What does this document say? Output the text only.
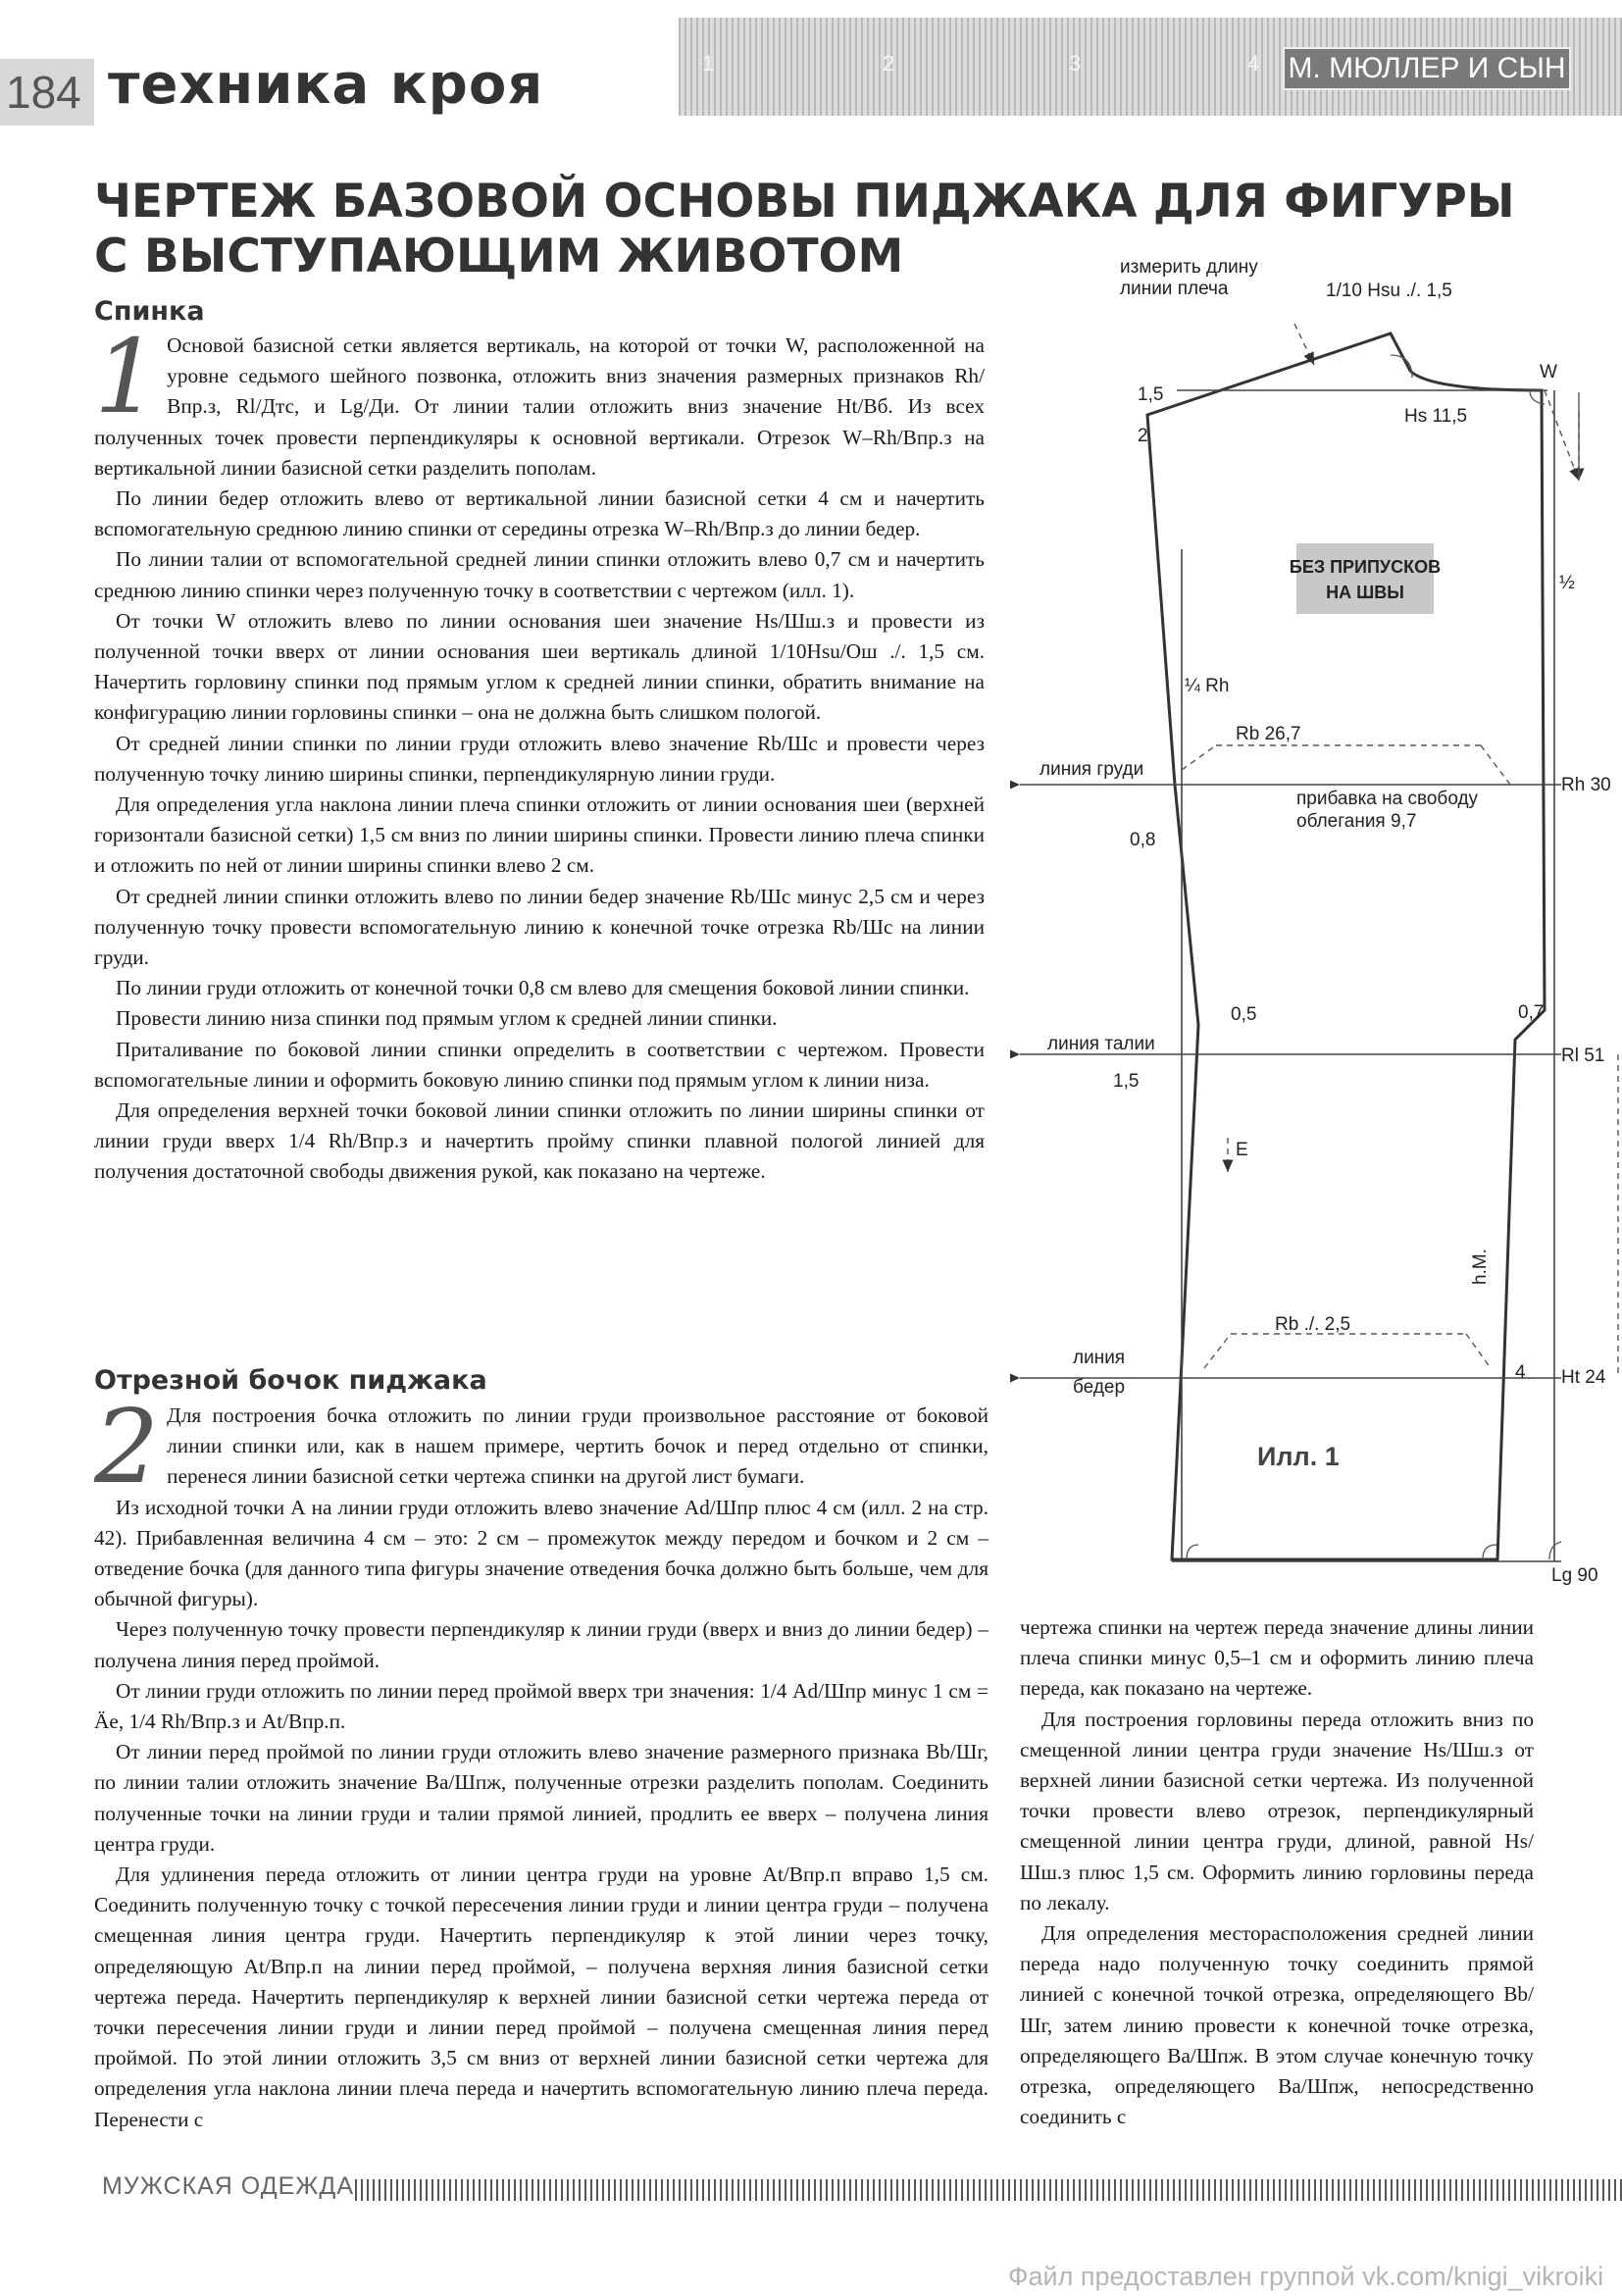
184 техника кроя	1	2	3	4 М. МЮЛЛЕР И СЫН
ЧЕРТЕЖ БАЗОВОЙ ОСНОВЫ ПИДЖАКА ДЛЯ ФИГУРЫ
С ВЫСТУПАЮЩИМ ЖИВОТОМ
Спинка
1 Основой базисной сетки является вертикаль, на которой от точки W, расположенной на уровне седьмого шейного позвонка, отложить вниз значения размерных признаков Rh/Впр.з, Rl/Дтс, и Lg/Ди. От линии талии отложить вниз значение Ht/Вб. Из всех полученных точек провести перпендикуляры к основной вертикали. Отрезок W–Rh/Впр.з на вертикальной линии базисной сетки разделить пополам.

По линии бедер отложить влево от вертикальной линии базисной сетки 4 см и начертить вспомогательную среднюю линию спинки от середины отрезка W–Rh/Впр.з до линии бедер.

По линии талии от вспомогательной средней линии спинки отложить влево 0,7 см и начертить среднюю линию спинки через полученную точку в соответствии с чертежом (илл. 1).

От точки W отложить влево по линии основания шеи значение Hs/Шш.з и провести из полученной точки вверх от линии основания шеи вертикаль длиной 1/10Hsu/Ош ./. 1,5 см. Начертить горловину спинки под прямым углом к средней линии спинки, обратить внимание на конфигурацию линии горловины спинки – она не должна быть слишком пологой.

От средней линии спинки по линии груди отложить влево значение Rb/Шс и провести через полученную точку линию ширины спинки, перпендикулярную линии груди.

Для определения угла наклона линии плеча спинки отложить от линии основания шеи (верхней горизонтали базисной сетки) 1,5 см вниз по линии ширины спинки. Провести линию плеча спинки и отложить по ней от линии ширины спинки влево 2 см.

От средней линии спинки отложить влево по линии бедер значение Rb/Шс минус 2,5 см и через полученную точку провести вспомогательную линию к конечной точке отрезка Rb/Шс на линии груди.

По линии груди отложить от конечной точки 0,8 см влево для смещения боковой линии спинки.

Провести линию низа спинки под прямым углом к средней линии спинки.

Приталивание по боковой линии спинки определить в соответствии с чертежом. Провести вспомогательные линии и оформить боковую линию спинки под прямым углом к линии низа.

Для определения верхней точки боковой линии спинки отложить по линии ширины спинки от линии груди вверх 1/4 Rh/Впр.з и начертить пройму спинки плавной пологой линией для получения достаточной свободы движения рукой, как показано на чертеже.

Отрезной бочок пиджака
2 Для построения бочка отложить по линии груди произвольное расстояние от боковой линии спинки или, как в нашем примере, чертить бочок и перед отдельно от спинки, перенеся линии базисной сетки чертежа спинки на другой лист бумаги.

Из исходной точки А на линии груди отложить влево значение Ad/Шпр плюс 4 см (илл. 2 на стр. 42). Прибавленная величина 4 см – это: 2 см – промежуток между передом и бочком и 2 см – отведение бочка (для данного типа фигуры значение отведения бочка должно быть больше, чем для обычной фигуры).

Через полученную точку провести перпендикуляр к линии груди (вверх и вниз до линии бедер) – получена линия перед проймой.

От линии груди отложить по линии перед проймой вверх три значения: 1/4 Ad/Шпр минус 1 см = Äe, 1/4 Rh/Впр.з и At/Впр.п.

От линии перед проймой по линии груди отложить влево значение размерного признака Bb/Шг, по линии талии отложить значение Ba/Шпж, полученные отрезки разделить пополам. Соединить полученные точки на линии груди и талии прямой линией, продлить ее вверх – получена линия центра груди.

Для удлинения переда отложить от линии центра груди на уровне At/Впр.п вправо 1,5 см. Соединить полученную точку с точкой пересечения линии груди и линии центра груди – получена смещенная линия центра груди. Начертить перпендикуляр к этой линии через точку, определяющую At/Впр.п на линии перед проймой, – получена верхняя линия базисной сетки чертежа переда. Начертить перпендикуляр к верхней линии базисной сетки чертежа переда от точки пересечения линии груди и линии перед проймой – получена смещенная линия перед проймой. По этой линии отложить 3,5 см вниз от верхней линии базисной сетки чертежа для определения угла наклона линии плеча переда и начертить вспомогательную линию плеча переда. Перенести с

чертежа спинки на чертеж переда значение длины линии плеча спинки минус 0,5–1 см и оформить линию плеча переда, как показано на чертеже.

Для построения горловины переда отложить вниз по смещенной линии центра груди значение Hs/Шш.з от верхней линии базисной сетки чертежа. Из полученной точки провести влево отрезок, перпендикулярный смещенной линии центра груди, длиной, равной Hs/Шш.з плюс 1,5 см. Оформить линию горловины переда по лекалу.

Для определения месторасположения средней линии переда надо полученную точку соединить прямой линией с конечной точкой отрезка, определяющего Bb/Шг, затем линию провести к конечной точке отрезка, определяющего Ba/Шпж. В этом случае конечную точку отрезка, определяющего Ba/Шпж, непосредственно соединить с

БЕЗ ПРИПУСКОВ
НА ШВЫ
измерить длину
линии плеча	1/10 Hsu ./. 1,5
W
1,5
2
Hs 11,5
½
¼ Rh
Rb 26,7
линия груди
Rh 30
прибавка на свободу
облегания 9,7
0,8
0,5	0,7
линия талии
Rl 51
1,5
E
h.M.
Rb ./. 2,5
линия
бедер
4 Ht 24
Lg 90
Илл. 1
МУЖСКАЯ ОДЕЖДА
Файл предоставлен группой vk.com/knigi_vikroiki
